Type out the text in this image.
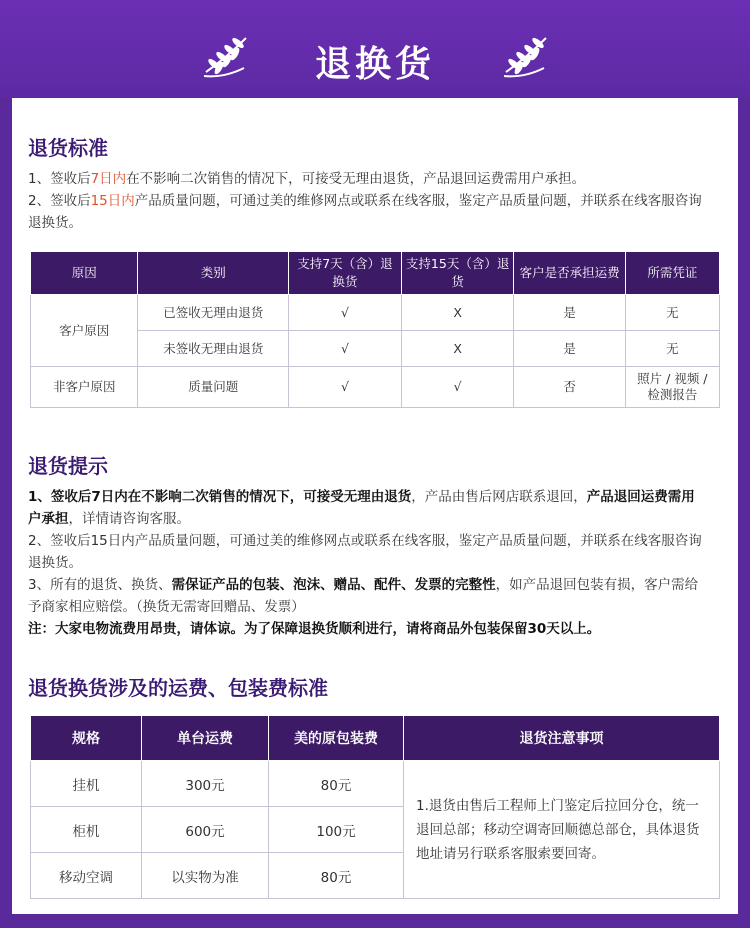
退换货
退货标准
1、签收后7日内在不影响二次销售的情况下，可接受无理由退货，产品退回运费需用户承担。
2、签收后15日内产品质量问题，可通过美的维修网点或联系在线客服，鉴定产品质量问题，并联系在线客服咨询退换货。
原因	类别	支持7天（含）退换货	支持15天（含）退货	客户是否承担运费	所需凭证
客户原因	已签收无理由退货	√	X	是	无
	未签收无理由退货	√	X	是	无
非客户原因	质量问题	√	√	否	照片 / 视频 / 检测报告
退货提示
1、签收后7日内在不影响二次销售的情况下，可接受无理由退货，产品由售后网店联系退回，产品退回运费需用户承担，详情请咨询客服。
2、签收后15日内产品质量问题，可通过美的维修网点或联系在线客服，鉴定产品质量问题，并联系在线客服咨询退换货。
3、所有的退货、换货、需保证产品的包装、泡沫、赠品、配件、发票的完整性，如产品退回包装有损，客户需给予商家相应赔偿。（换货无需寄回赠品、发票）
注：大家电物流费用昂贵，请体谅。为了保障退换货顺利进行，请将商品外包装保留30天以上。
退货换货涉及的运费、包装费标准
规格	单台运费	美的原包装费	退货注意事项
挂机	300元	80元	1.退货由售后工程师上门鉴定后拉回分仓，统一退回总部；移动空调寄回顺德总部仓，具体退货地址请另行联系客服索要回寄。
柜机	600元	100元	
移动空调	以实物为准	80元	
